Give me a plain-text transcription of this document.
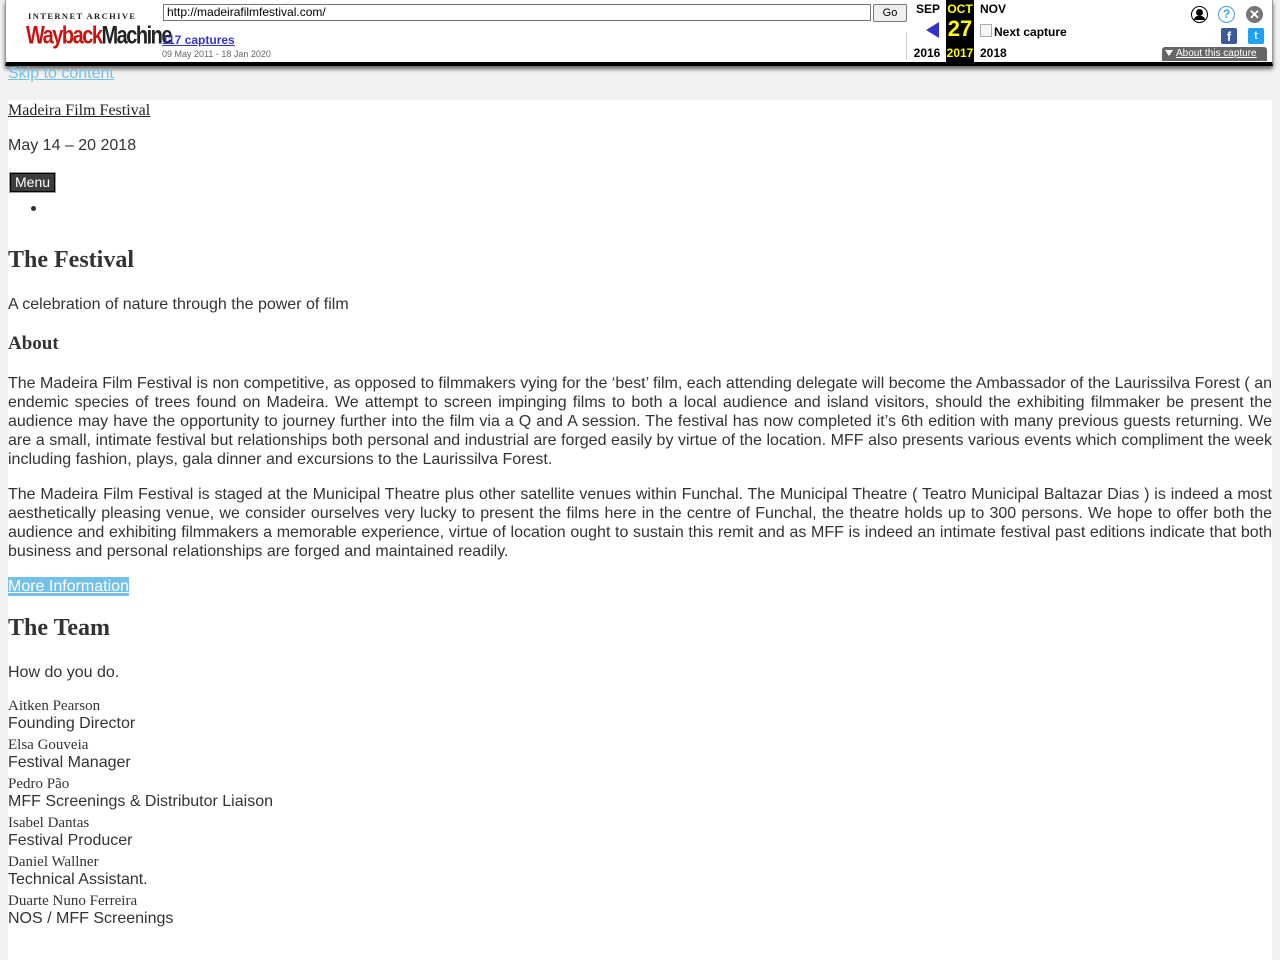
INTERNET ARCHIVE
WaybackMachine
http://madeirafilmfestival.com/	Go
117 captures
09 May 2011 - 18 Jan 2020
SEP
2016
OCT
27
2017
NOV
Next capture
2018
?	✕
f	t
About this capture
Skip to content
Madeira Film Festival

May 14 – 20 2018

Menu
The Festival

A celebration of nature through the power of film

About

The Madeira Film Festival is non competitive, as opposed to filmmakers vying for the ‘best’ film, each attending delegate will become the Ambassador of the Laurissilva Forest ( an endemic species of trees found on Madeira. We attempt to screen impinging films to both a local audience and island visitors, should the exhibiting filmmaker be present the audience may have the opportunity to journey further into the film via a Q and A session. The festival has now completed it’s 6th edition with many previous guests returning. We are a small, intimate festival but relationships both personal and industrial are forged easily by virtue of the location. MFF also presents various events which compliment the week including fashion, plays, gala dinner and excursions to the Laurissilva Forest.

The Madeira Film Festival is staged at the Municipal Theatre plus other satellite venues within Funchal. The Municipal Theatre ( Teatro Municipal Baltazar Dias ) is indeed a most aesthetically pleasing venue, we consider ourselves very lucky to present the films here in the centre of Funchal, the theatre holds up to 300 persons. We hope to offer both the audience and exhibiting filmmakers a memorable experience, virtue of location ought to sustain this remit and as MFF is indeed an intimate festival past editions indicate that both business and personal relationships are forged and maintained readily.

More Information
The Team

How do you do.

Aitken Pearson
Founding Director
Elsa Gouveia
Festival Manager
Pedro Pão
MFF Screenings & Distributor Liaison
Isabel Dantas
Festival Producer
Daniel Wallner
Technical Assistant.
Duarte Nuno Ferreira
NOS / MFF Screenings
